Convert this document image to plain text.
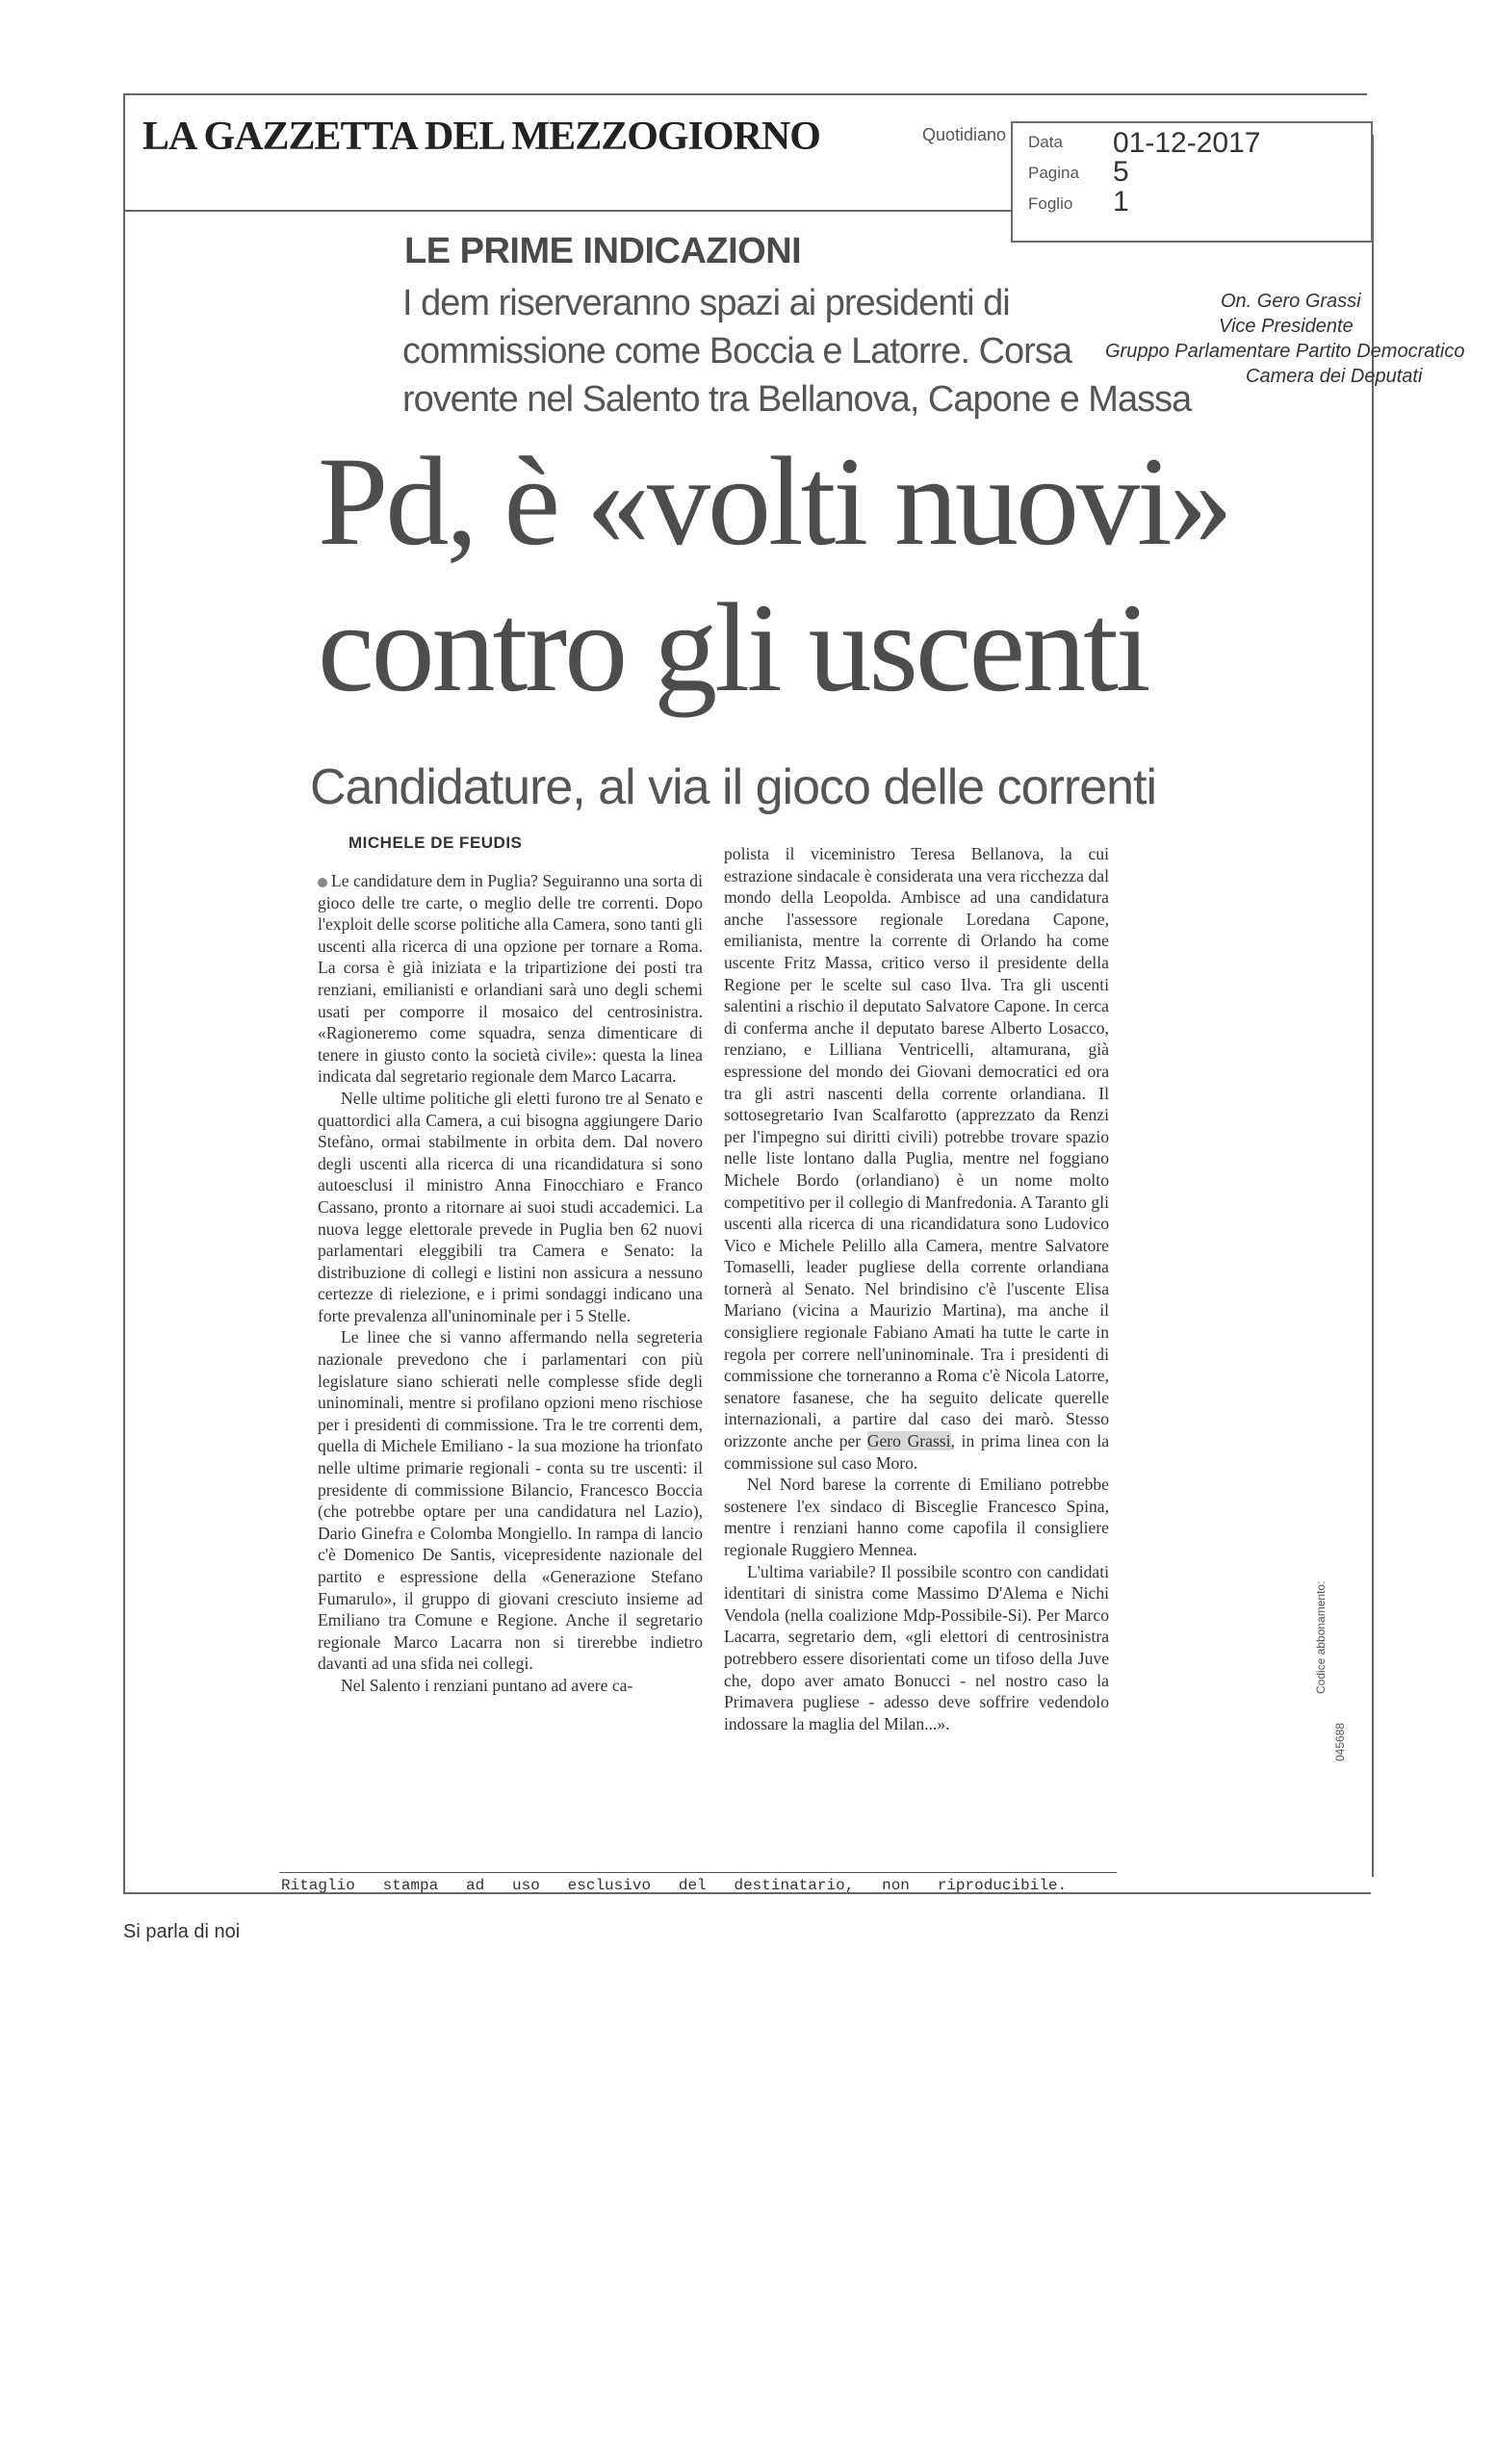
LA GAZZETTA DEL MEZZOGIORNO	Quotidiano Data 01-12-2017
Pagina 5
Foglio 1
On. Gero Grassi
Vice Presidente
Gruppo Parlamentare Partito Democratico
Camera dei Deputati
LE PRIME INDICAZIONI
I dem riserveranno spazi ai presidenti di
commissione come Boccia e Latorre. Corsa
rovente nel Salento tra Bellanova, Capone e Massa
Pd, è «volti nuovi»
contro gli uscenti
Candidature, al via il gioco delle correnti
MICHELE DE FEUDIS

Le candidature dem in Puglia? Seguiranno una sorta di gioco delle tre carte, o meglio delle tre correnti. Dopo l'exploit delle scorse politiche alla Camera, sono tanti gli uscenti alla ricerca di una opzione per tornare a Roma. La corsa è già iniziata e la tripartizione dei posti tra renziani, emilianisti e orlandiani sarà uno degli schemi usati per comporre il mosaico del centrosinistra. «Ragioneremo come squadra, senza dimenticare di tenere in giusto conto la società civile»: questa la linea indicata dal segretario regionale dem Marco Lacarra.

Nelle ultime politiche gli eletti furono tre al Senato e quattordici alla Camera, a cui bisogna aggiungere Dario Stefàno, ormai stabilmente in orbita dem. Dal novero degli uscenti alla ricerca di una ricandidatura si sono autoesclusi il ministro Anna Finocchiaro e Franco Cassano, pronto a ritornare ai suoi studi accademici. La nuova legge elettorale prevede in Puglia ben 62 nuovi parlamentari eleggibili tra Camera e Senato: la distribuzione di collegi e listini non assicura a nessuno certezze di rielezione, e i primi sondaggi indicano una forte prevalenza all'uninominale per i 5 Stelle.

Le linee che si vanno affermando nella segreteria nazionale prevedono che i parlamentari con più legislature siano schierati nelle complesse sfide degli uninominali, mentre si profilano opzioni meno rischiose per i presidenti di commissione. Tra le tre correnti dem, quella di Michele Emiliano - la sua mozione ha trionfato nelle ultime primarie regionali - conta su tre uscenti: il presidente di commissione Bilancio, Francesco Boccia (che potrebbe optare per una candidatura nel Lazio), Dario Ginefra e Colomba Mongiello. In rampa di lancio c'è Domenico De Santis, vicepresidente nazionale del partito e espressione della «Generazione Stefano Fumarulo», il gruppo di giovani cresciuto insieme ad Emiliano tra Comune e Regione. Anche il segretario regionale Marco Lacarra non si tirerebbe indietro davanti ad una sfida nei collegi.

Nel Salento i renziani puntano ad avere ca-

polista il viceministro Teresa Bellanova, la cui estrazione sindacale è considerata una vera ricchezza dal mondo della Leopolda. Ambisce ad una candidatura anche l'assessore regionale Loredana Capone, emilianista, mentre la corrente di Orlando ha come uscente Fritz Massa, critico verso il presidente della Regione per le scelte sul caso Ilva. Tra gli uscenti salentini a rischio il deputato Salvatore Capone. In cerca di conferma anche il deputato barese Alberto Losacco, renziano, e Lilliana Ventricelli, altamurana, già espressione del mondo dei Giovani democratici ed ora tra gli astri nascenti della corrente orlandiana. Il sottosegretario Ivan Scalfarotto (apprezzato da Renzi per l'impegno sui diritti civili) potrebbe trovare spazio nelle liste lontano dalla Puglia, mentre nel foggiano Michele Bordo (orlandiano) è un nome molto competitivo per il collegio di Manfredonia. A Taranto gli uscenti alla ricerca di una ricandidatura sono Ludovico Vico e Michele Pelillo alla Camera, mentre Salvatore Tomaselli, leader pugliese della corrente orlandiana tornerà al Senato. Nel brindisino c'è l'uscente Elisa Mariano (vicina a Maurizio Martina), ma anche il consigliere regionale Fabiano Amati ha tutte le carte in regola per correre nell'uninominale. Tra i presidenti di commissione che torneranno a Roma c'è Nicola Latorre, senatore fasanese, che ha seguito delicate querelle internazionali, a partire dal caso dei marò. Stesso orizzonte anche per Gero Grassi, in prima linea con la commissione sul caso Moro.

Nel Nord barese la corrente di Emiliano potrebbe sostenere l'ex sindaco di Bisceglie Francesco Spina, mentre i renziani hanno come capofila il consigliere regionale Ruggiero Mennea.

L'ultima variabile? Il possibile scontro con candidati identitari di sinistra come Massimo D'Alema e Nichi Vendola (nella coalizione Mdp-Possibile-Si). Per Marco Lacarra, segretario dem, «gli elettori di centrosinistra potrebbero essere disorientati come un tifoso della Juve che, dopo aver amato Bonucci - nel nostro caso la Primavera pugliese - adesso deve soffrire vedendolo indossare la maglia del Milan...».

Ritaglio   stampa   ad   uso   esclusivo   del   destinatario,   non   riproducibile.
Codice abbonamento:
045688
Si parla di noi
